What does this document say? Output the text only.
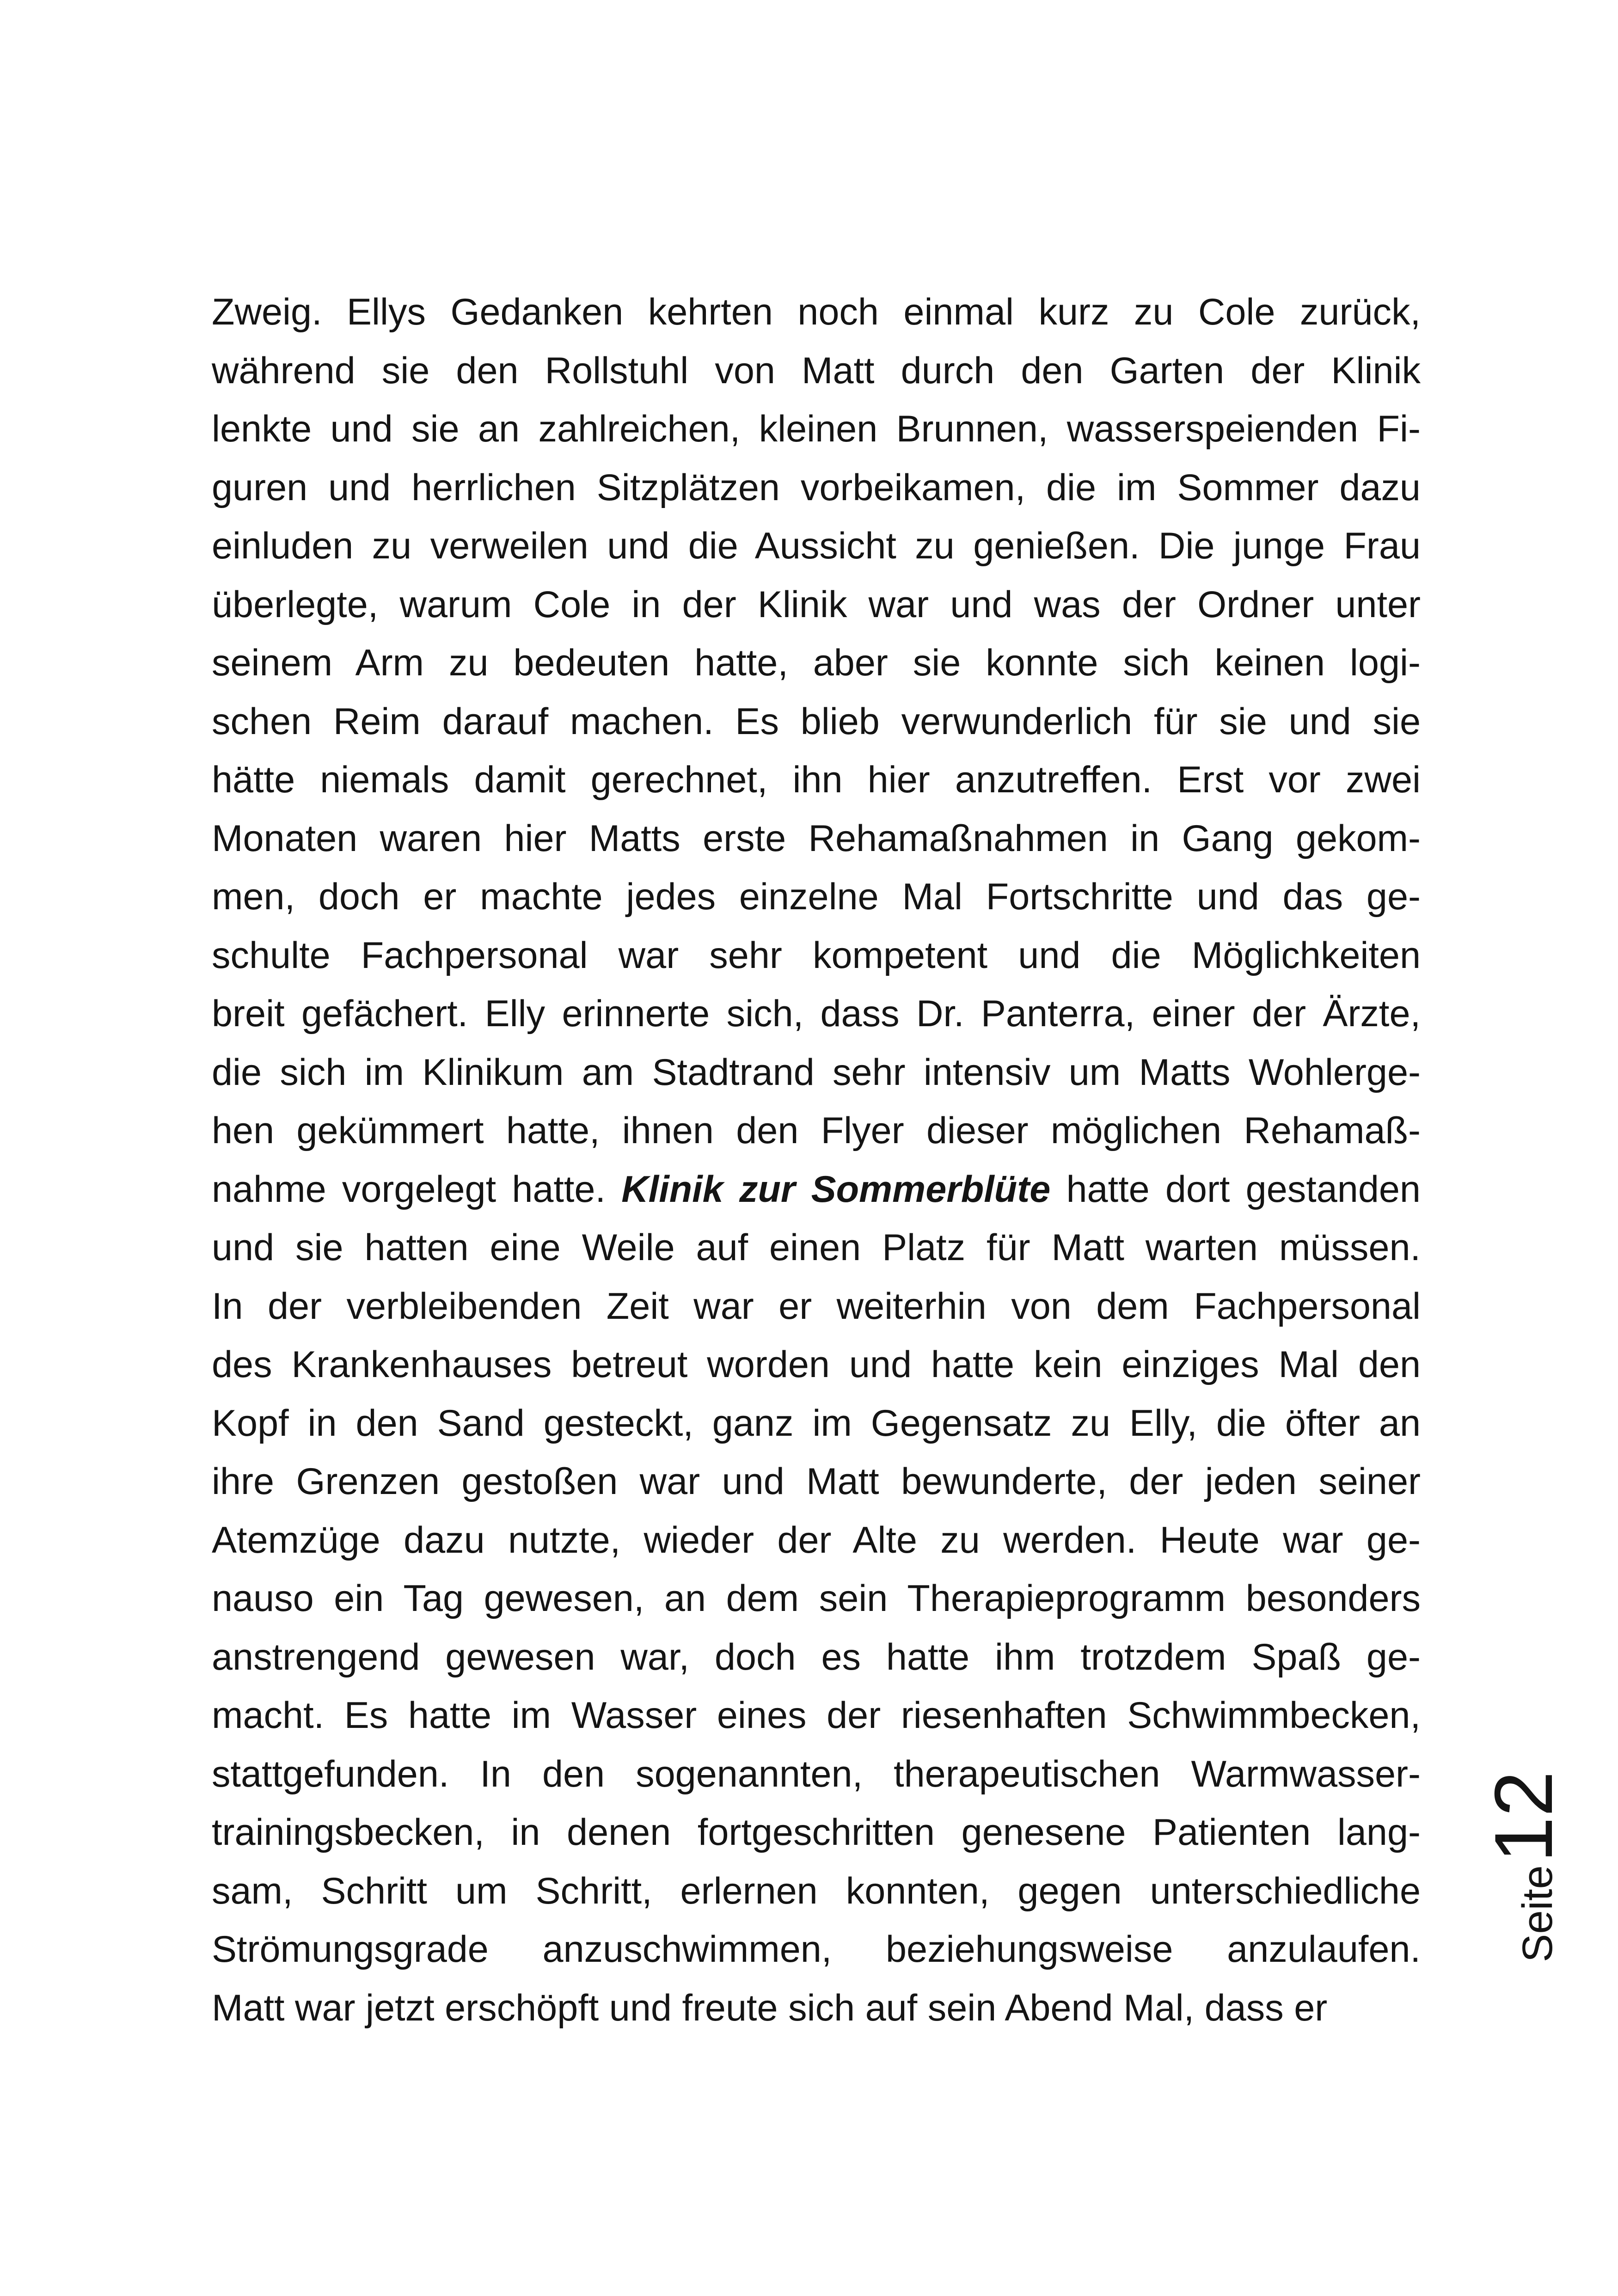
Zweig. Ellys Gedanken kehrten noch einmal kurz zu Cole zurück,
während sie den Rollstuhl von Matt durch den Garten der Klinik
lenkte und sie an zahlreichen, kleinen Brunnen, wasserspeienden Fi-
guren und herrlichen Sitzplätzen vorbeikamen, die im Sommer dazu
einluden zu verweilen und die Aussicht zu genießen. Die junge Frau
überlegte, warum Cole in der Klinik war und was der Ordner unter
seinem Arm zu bedeuten hatte, aber sie konnte sich keinen logi-
schen Reim darauf machen. Es blieb verwunderlich für sie und sie
hätte niemals damit gerechnet, ihn hier anzutreffen. Erst vor zwei
Monaten waren hier Matts erste Rehamaßnahmen in Gang gekom-
men, doch er machte jedes einzelne Mal Fortschritte und das ge-
schulte Fachpersonal war sehr kompetent und die Möglichkeiten
breit gefächert. Elly erinnerte sich, dass Dr. Panterra, einer der Ärzte,
die sich im Klinikum am Stadtrand sehr intensiv um Matts Wohlerge-
hen gekümmert hatte, ihnen den Flyer dieser möglichen Rehamaß-
nahme vorgelegt hatte. Klinik zur Sommerblüte hatte dort gestanden
und sie hatten eine Weile auf einen Platz für Matt warten müssen.
In der verbleibenden Zeit war er weiterhin von dem Fachpersonal
des Krankenhauses betreut worden und hatte kein einziges Mal den
Kopf in den Sand gesteckt, ganz im Gegensatz zu Elly, die öfter an
ihre Grenzen gestoßen war und Matt bewunderte, der jeden seiner
Atemzüge dazu nutzte, wieder der Alte zu werden. Heute war ge-
nauso ein Tag gewesen, an dem sein Therapieprogramm besonders
anstrengend gewesen war, doch es hatte ihm trotzdem Spaß ge-
macht. Es hatte im Wasser eines der riesenhaften Schwimmbecken,
stattgefunden. In den sogenannten, therapeutischen Warmwasser-
trainingsbecken, in denen fortgeschritten genesene Patienten lang-
sam, Schritt um Schritt, erlernen konnten, gegen unterschiedliche
Strömungsgrade anzuschwimmen, beziehungsweise anzulaufen.
Matt war jetzt erschöpft und freute sich auf sein Abend Mal, dass er
Seite12
